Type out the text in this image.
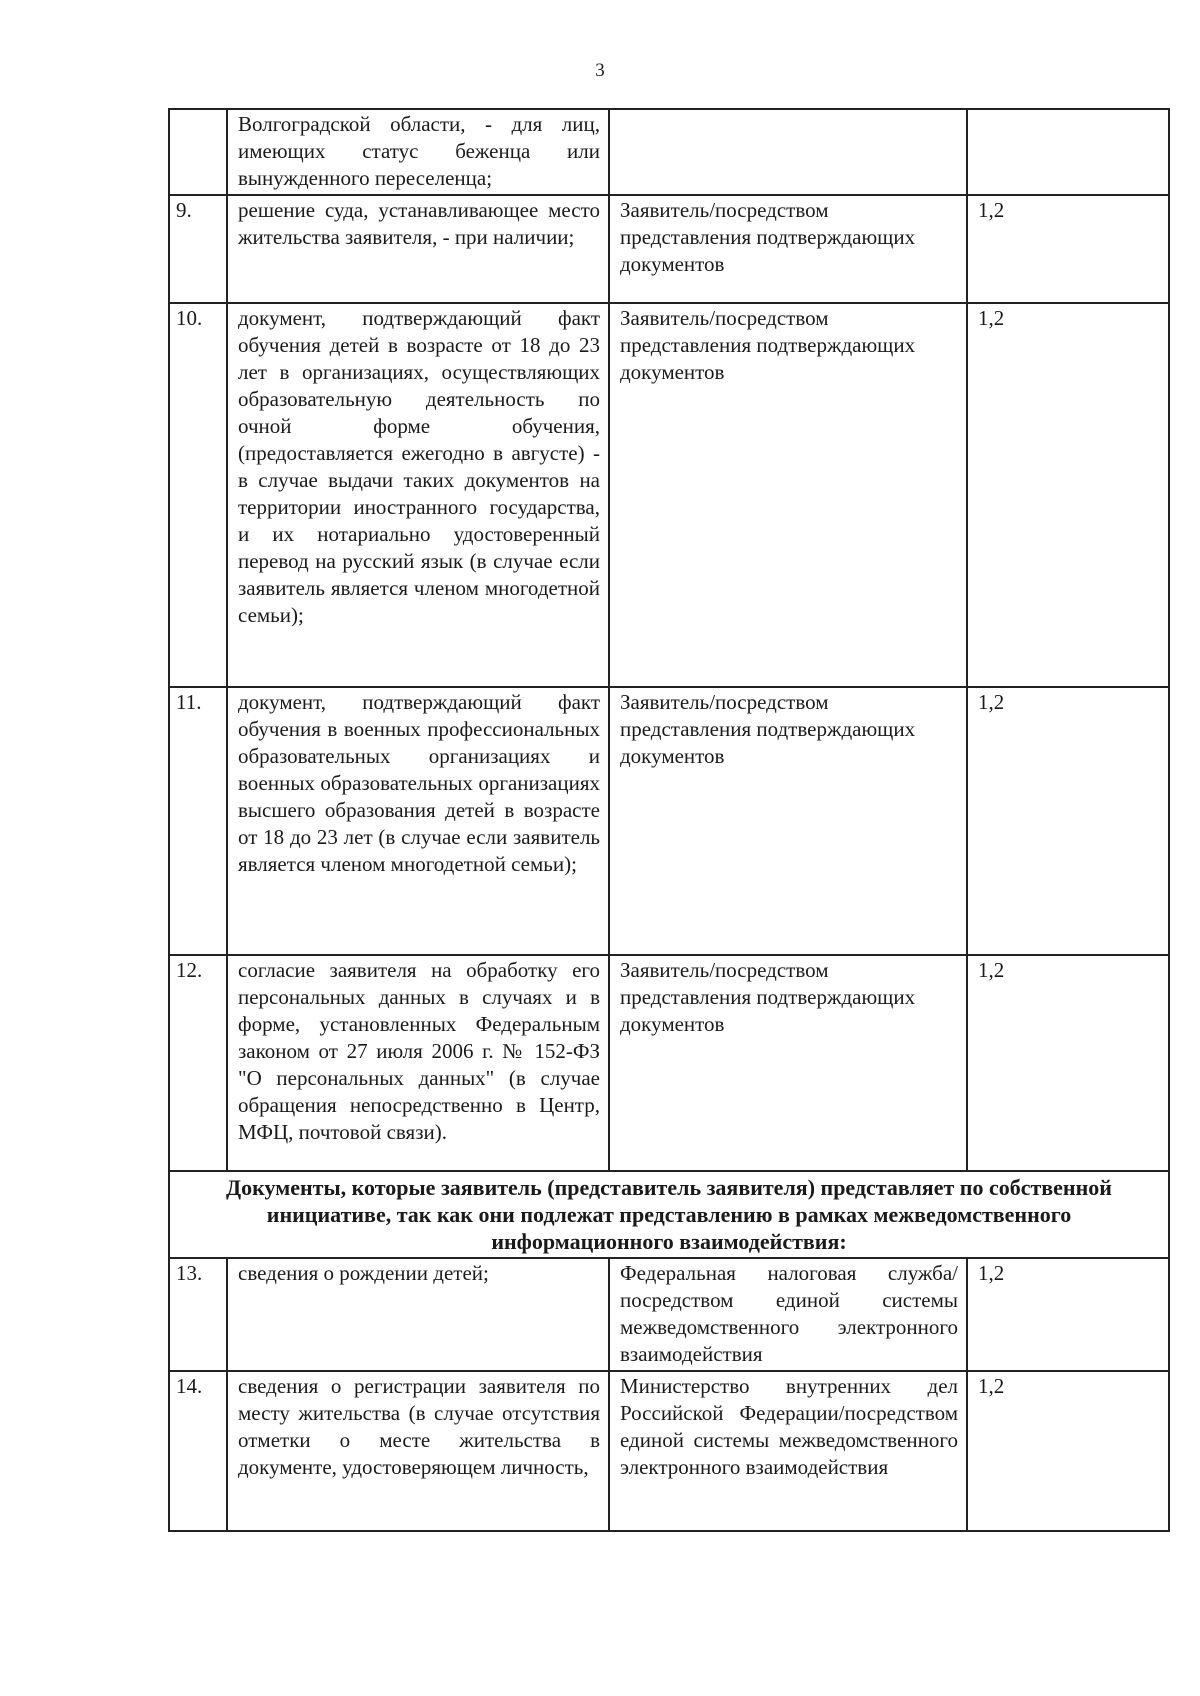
3
	Волгоградской области, - для лиц, имеющих статус беженца или вынужденного переселенца;		
9.	решение суда, устанавливающее место жительства заявителя, - при наличии;	Заявитель/посредством представления подтверждающих документов	1,2
10.	документ, подтверждающий факт обучения детей в возрасте от 18 до 23 лет в организациях, осуществляющих образовательную деятельность по очной форме обучения, (предоставляется ежегодно в августе) - в случае выдачи таких документов на территории иностранного государства, и их нотариально удостоверенный перевод на русский язык (в случае если заявитель является членом многодетной семьи);	Заявитель/посредством представления подтверждающих документов	1,2
11.	документ, подтверждающий факт обучения в военных профессиональных образовательных организациях и военных образовательных организациях высшего образования детей в возрасте от 18 до 23 лет (в случае если заявитель является членом многодетной семьи);	Заявитель/посредством представления подтверждающих документов	1,2
12.	согласие заявителя на обработку его персональных данных в случаях и в форме, установленных Федеральным законом от 27 июля 2006 г. № 152-ФЗ "О персональных данных" (в случае обращения непосредственно в Центр, МФЦ, почтовой связи).	Заявитель/посредством представления подтверждающих документов	1,2
Документы, которые заявитель (представитель заявителя) представляет по собственной инициативе, так как они подлежат представлению в рамках межведомственного информационного взаимодействия:			
13.	сведения о рождении детей;	Федеральная налоговая служба/посредством единой системы межведомственного электронного взаимодействия	1,2
14.	сведения о регистрации заявителя по месту жительства (в случае отсутствия отметки о месте жительства в документе, удостоверяющем личность,	Министерство внутренних дел Российской Федерации/посредством единой системы межведомственного электронного взаимодействия	1,2
